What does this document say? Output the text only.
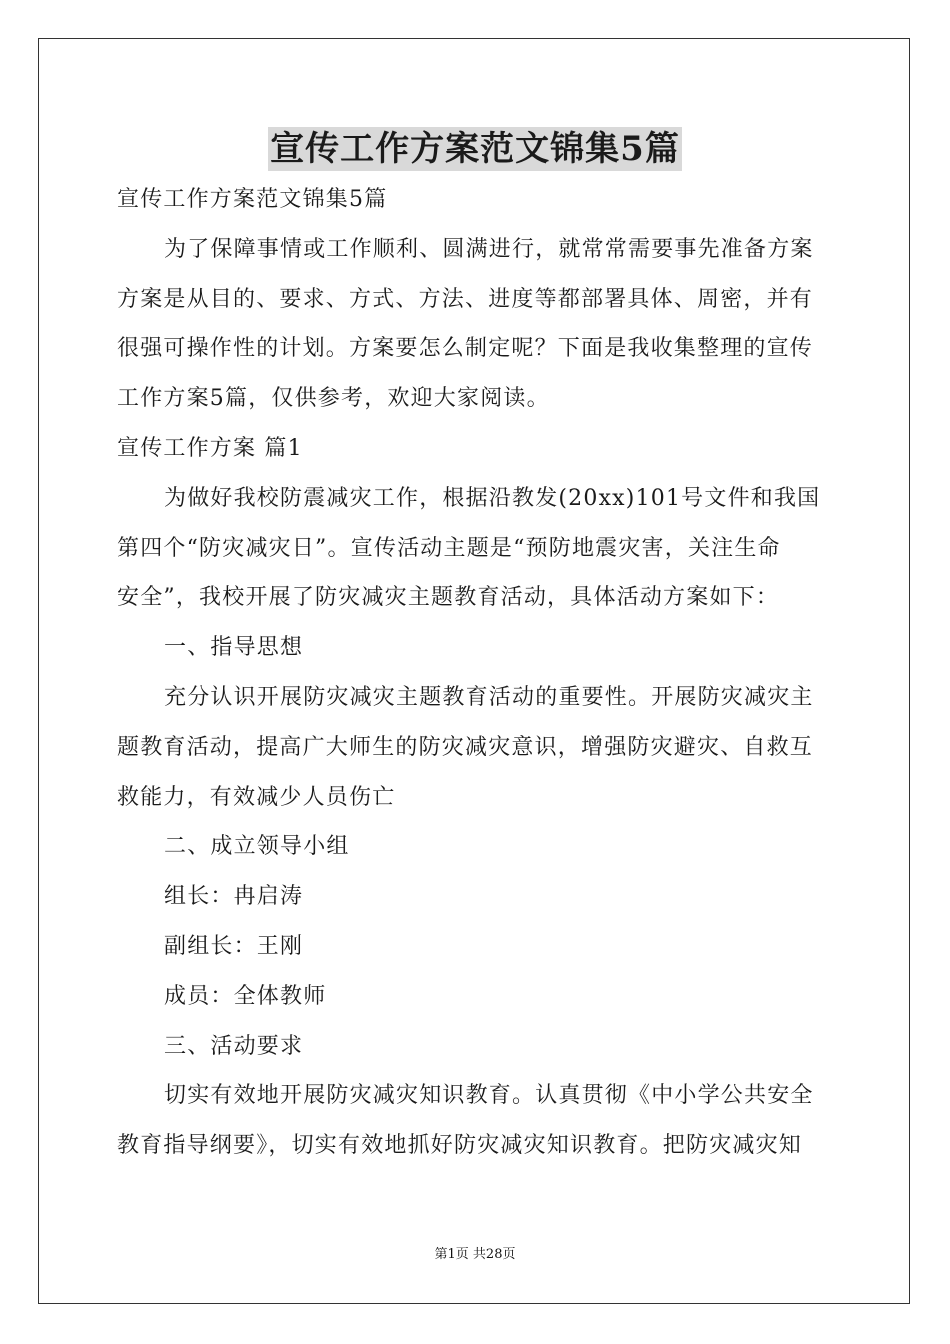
宣传工作方案范文锦集5篇
宣传工作方案范文锦集5篇
为了保障事情或工作顺利、圆满进行，就常常需要事先准备方案
方案是从目的、要求、方式、方法、进度等都部署具体、周密，并有
很强可操作性的计划。方案要怎么制定呢？下面是我收集整理的宣传
工作方案5篇，仅供参考，欢迎大家阅读。
宣传工作方案 篇1
为做好我校防震减灾工作，根据沿教发(20xx)101号文件和我国
第四个“防灾减灾日”。宣传活动主题是“预防地震灾害，关注生命
安全”，我校开展了防灾减灾主题教育活动，具体活动方案如下：
一、指导思想
充分认识开展防灾减灾主题教育活动的重要性。开展防灾减灾主
题教育活动，提高广大师生的防灾减灾意识，增强防灾避灾、自救互
救能力，有效减少人员伤亡
二、成立领导小组
组长：冉启涛
副组长：王刚
成员：全体教师
三、活动要求
切实有效地开展防灾减灾知识教育。认真贯彻《中小学公共安全
教育指导纲要》，切实有效地抓好防灾减灾知识教育。把防灾减灾知
第1页 共28页
